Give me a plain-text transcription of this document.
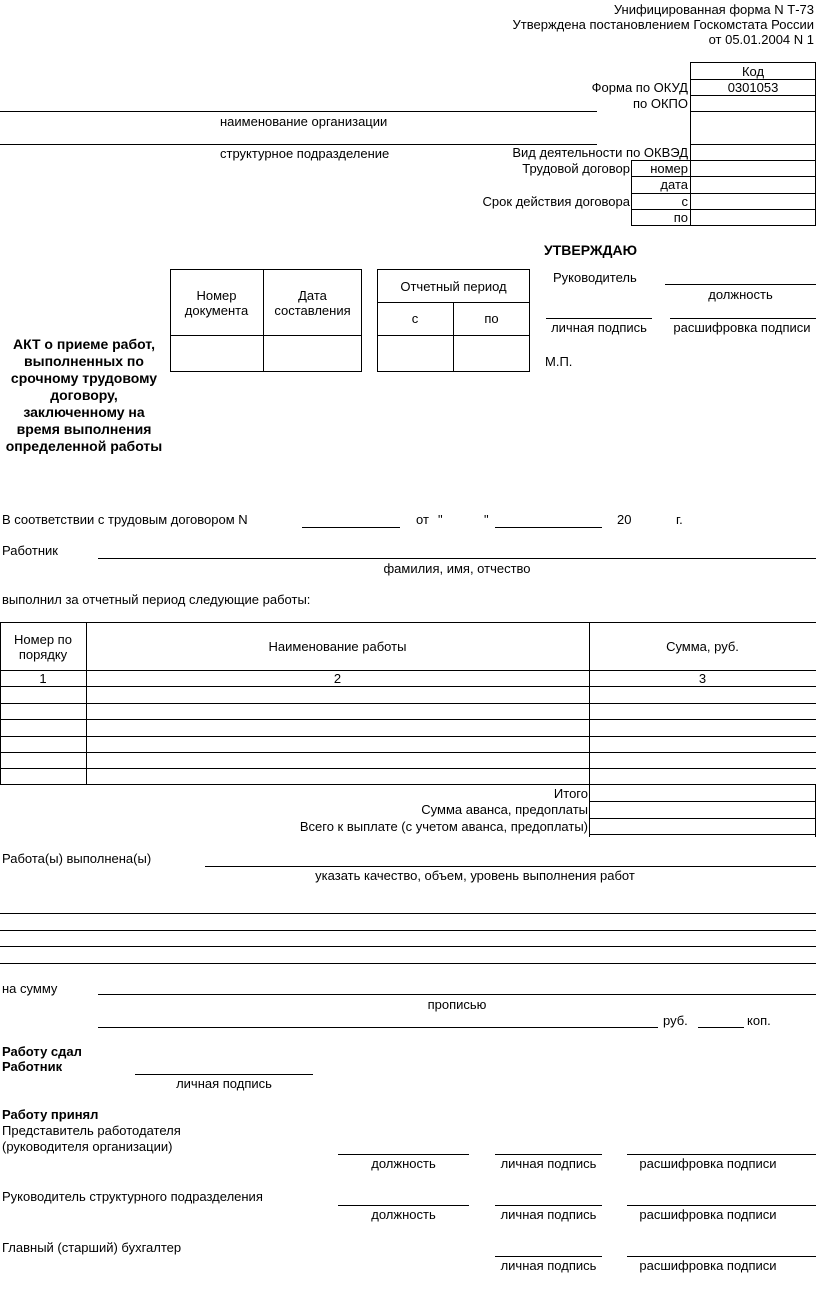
Унифицированная форма N Т-73
Утверждена постановлением Госкомстата России
от 05.01.2004 N 1
Код
0301053
Форма по ОКУД
по ОКПО
наименование организации
структурное подразделение	Вид деятельности по ОКВЭД
Трудовой договор номер
дата
Срок действия договора	с
по
УТВЕРЖДАЮ
Руководитель
должность
личная подпись	расшифровка подписи
М.П.
Номер документа
Дата составления
Отчетный период
с	по
АКТ о приеме работ, выполненных по срочному трудовому договору, заключенному на время выполнения определенной работы
В соответствии с трудовым договором N	от "	"	20	г.
Работник
фамилия, имя, отчество
выполнил за отчетный период следующие работы:
Номер по порядку	Наименование работы	Сумма, руб.
1	2	3
Итого
Сумма аванса, предоплаты
Всего к выплате (с учетом аванса, предоплаты)
Работа(ы) выполнена(ы)
указать качество, объем, уровень выполнения работ
на сумму
прописью
руб.	коп.
Работу сдал
Работник
личная подпись
Работу принял
Представитель работодателя
(руководителя организации)
должность	личная подпись	расшифровка подписи
Руководитель структурного подразделения
должность	личная подпись	расшифровка подписи
Главный (старший) бухгалтер
личная подпись	расшифровка подписи
